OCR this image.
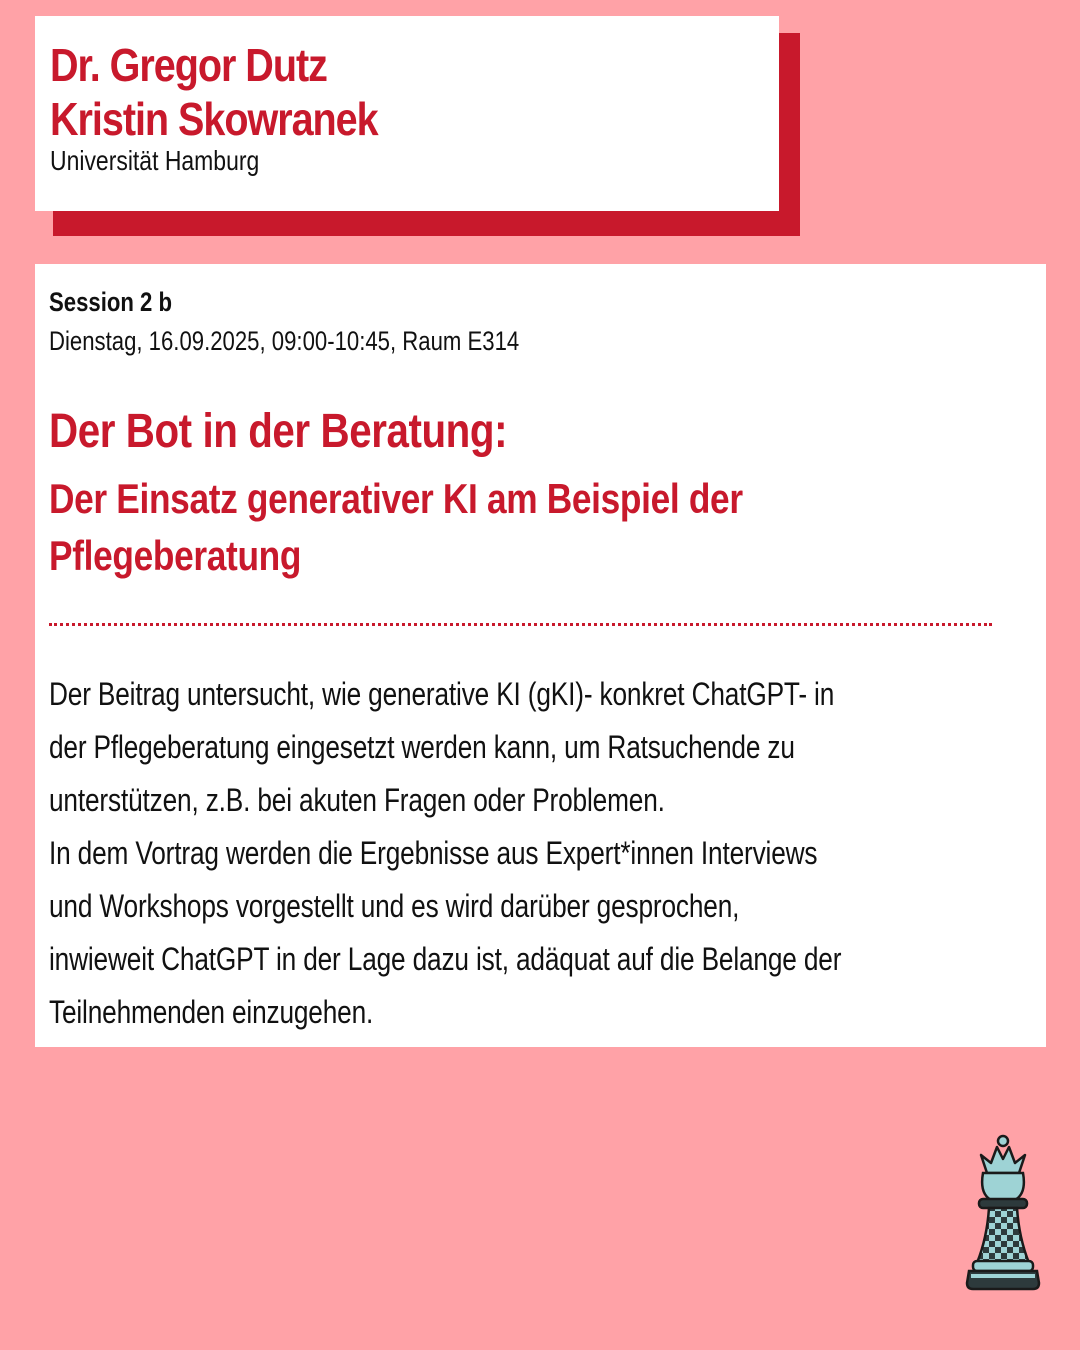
Dr. Gregor Dutz
Kristin Skowranek
Universität Hamburg
Session 2 b
Dienstag, 16.09.2025, 09:00-10:45, Raum E314
Der Bot in der Beratung:
Der Einsatz generativer KI am Beispiel der
Pflegeberatung
Der Beitrag untersucht, wie generative KI (gKI)- konkret ChatGPT- in
der Pflegeberatung eingesetzt werden kann, um Ratsuchende zu
unterstützen, z.B. bei akuten Fragen oder Problemen.
In dem Vortrag werden die Ergebnisse aus Expert*innen Interviews
und Workshops vorgestellt und es wird darüber gesprochen,
inwieweit ChatGPT in der Lage dazu ist, adäquat auf die Belange der
Teilnehmenden einzugehen.
